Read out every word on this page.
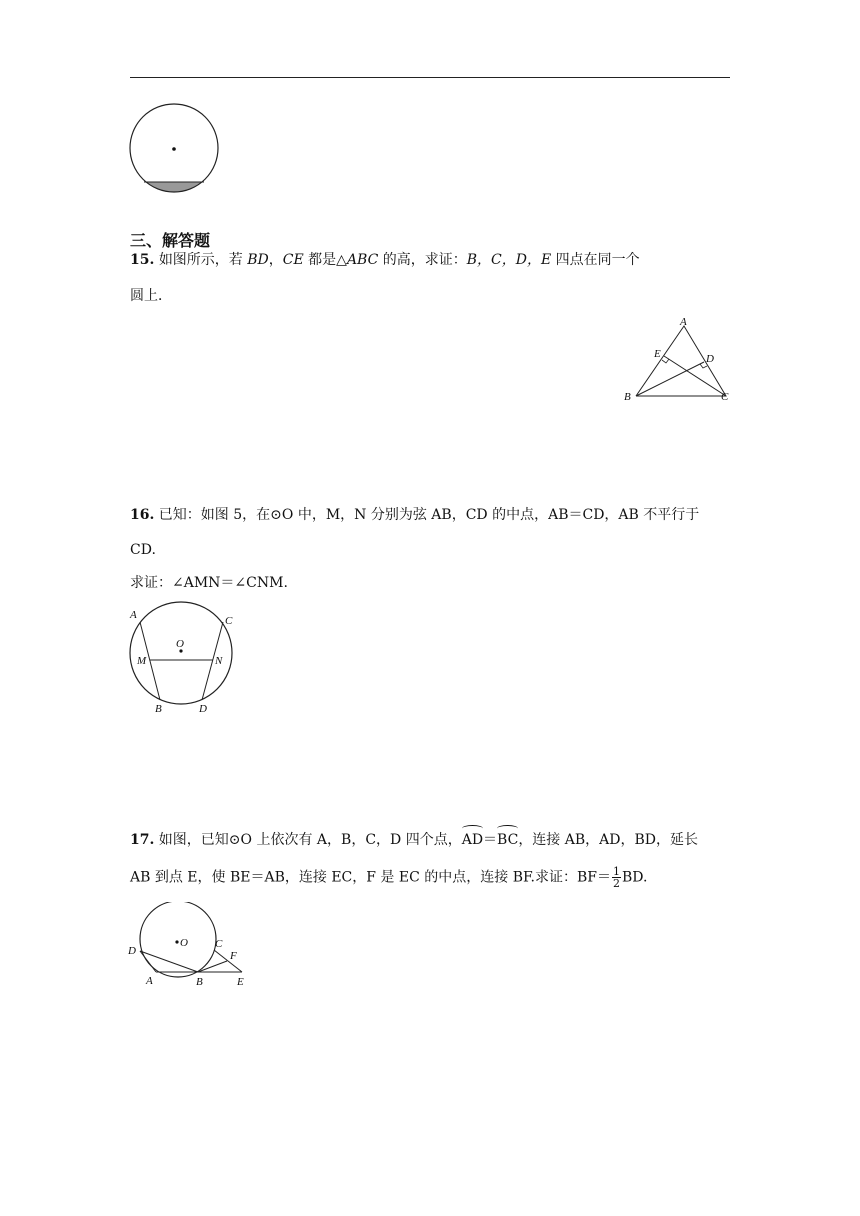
三、解答题
15. 如图所示，若 BD，CE 都是△ABC 的高，求证：B，C，D，E 四点在同一个
圆上．
A
B	C
D
E
16. 已知：如图 5，在⊙O 中，M，N 分别为弦 AB，CD 的中点，AB＝CD，AB 不平行于
CD.
求证：∠AMN＝∠CNM.
A	C
O
M	N
B	D
17. 如图，已知⊙O 上依次有 A，B，C，D 四个点，AD＝BC，连接 AB，AD，BD，延长
AB 到点 E，使 BE＝AB，连接 EC，F 是 EC 的中点，连接 BF.求证：$BF= \frac{1}{2}$ BD.
O
D
C
F
A	B	E
